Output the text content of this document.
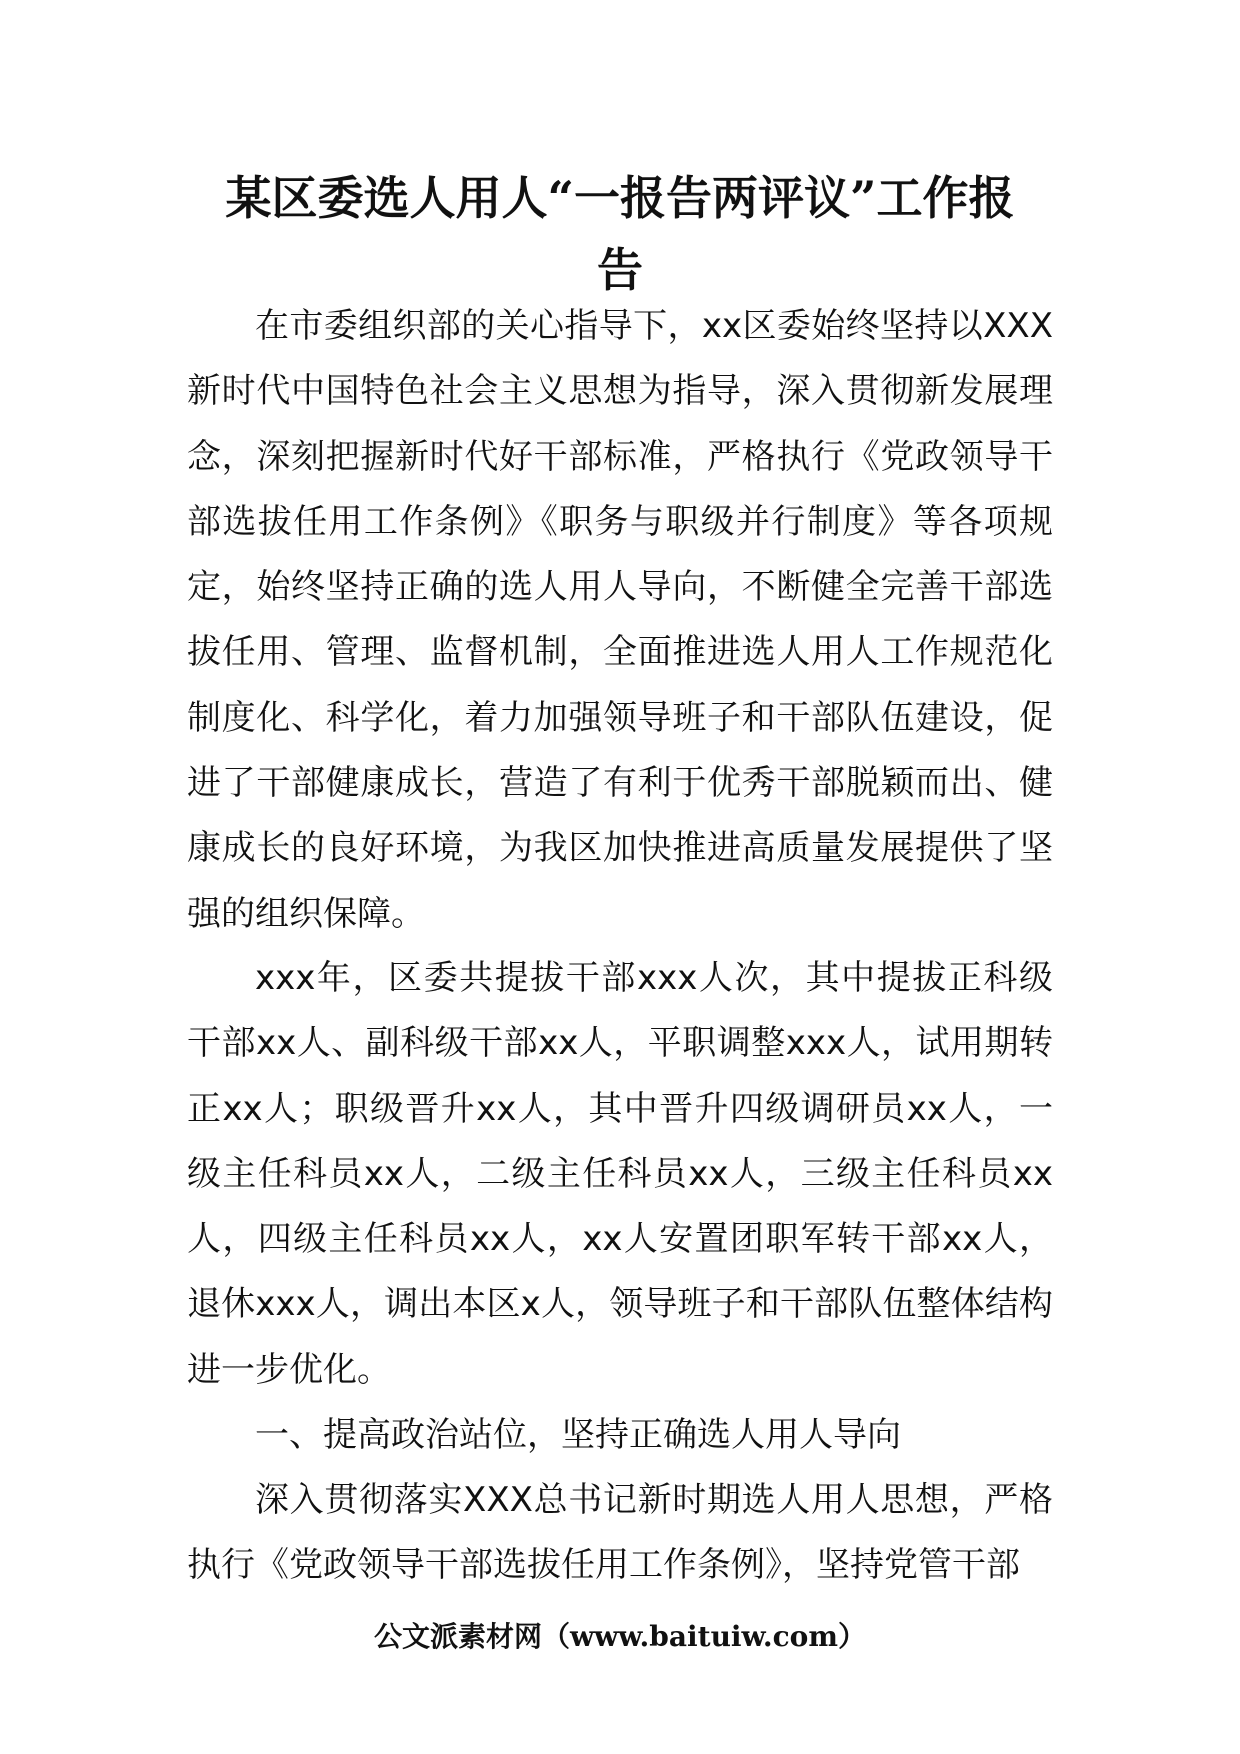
某区委选人用人“一报告两评议”工作报
告

在市委组织部的关心指导下，xx区委始终坚持以XXX新时代中国特色社会主义思想为指导，深入贯彻新发展理念，深刻把握新时代好干部标准，严格执行《党政领导干部选拔任用工作条例》《职务与职级并行制度》等各项规定，始终坚持正确的选人用人导向，不断健全完善干部选拔任用、管理、监督机制，全面推进选人用人工作规范化制度化、科学化，着力加强领导班子和干部队伍建设，促进了干部健康成长，营造了有利于优秀干部脱颖而出、健康成长的良好环境，为我区加快推进高质量发展提供了坚强的组织保障。

xxx年，区委共提拔干部xxx人次，其中提拔正科级干部xx人、副科级干部xx人，平职调整xxx人，试用期转正xx人；职级晋升xx人，其中晋升四级调研员xx人，一级主任科员xx人，二级主任科员xx人，三级主任科员xx人，四级主任科员xx人，xx人安置团职军转干部xx人，退休xxx人，调出本区x人，领导班子和干部队伍整体结构进一步优化。

一、提高政治站位，坚持正确选人用人导向

深入贯彻落实XXX总书记新时期选人用人思想，严格执行《党政领导干部选拔任用工作条例》，坚持党管干部

公文派素材网（www.baituiw.com）
